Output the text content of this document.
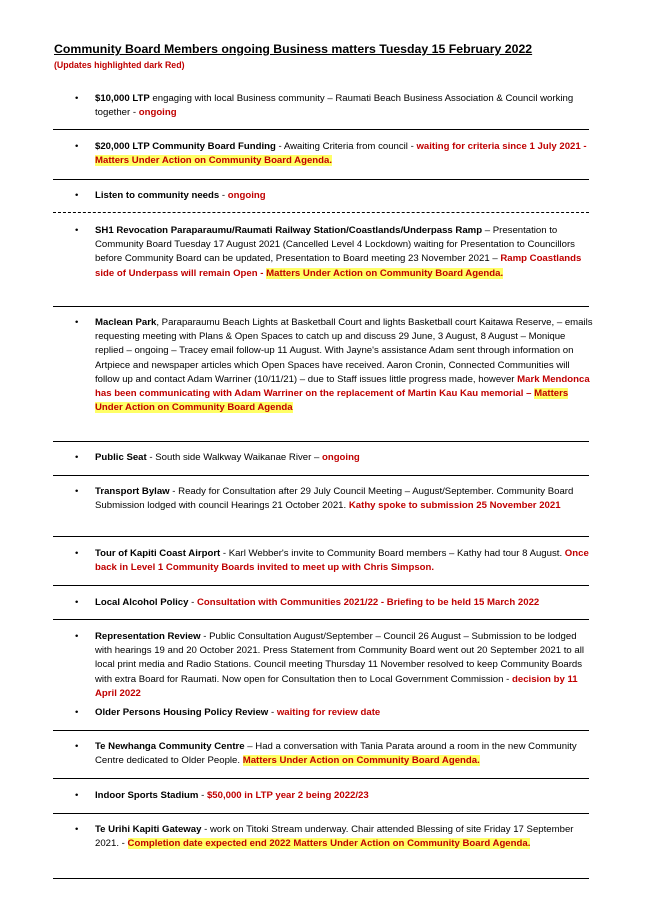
Community Board Members ongoing Business matters Tuesday 15 February 2022
(Updates highlighted dark Red)
• $10,000 LTP engaging with local Business community – Raumati Beach Business Association & Council working together - ongoing
• $20,000 LTP Community Board Funding - Awaiting Criteria from council - waiting for criteria since 1 July 2021 - Matters Under Action on Community Board Agenda.
• Listen to community needs - ongoing
• SH1 Revocation Paraparaumu/Raumati Railway Station/Coastlands/Underpass Ramp – Presentation to Community Board Tuesday 17 August 2021 (Cancelled Level 4 Lockdown) waiting for Presentation to Councillors before Community Board can be updated, Presentation to Board meeting 23 November 2021 – Ramp Coastlands side of Underpass will remain Open - Matters Under Action on Community Board Agenda.
• Maclean Park, Paraparaumu Beach Lights at Basketball Court and lights Basketball court Kaitawa Reserve, – emails requesting meeting with Plans & Open Spaces to catch up and discuss 29 June, 3 August, 8 August – Monique replied – ongoing – Tracey email follow-up 11 August. With Jayne's assistance Adam sent through information on Artpiece and newspaper articles which Open Spaces have received. Aaron Cronin, Connected Communities will follow up and contact Adam Warriner (10/11/21) – due to Staff issues little progress made, however Mark Mendonca has been communicating with Adam Warriner on the replacement of Martin Kau Kau memorial – Matters Under Action on Community Board Agenda
• Public Seat - South side Walkway Waikanae River – ongoing
• Transport Bylaw - Ready for Consultation after 29 July Council Meeting – August/September. Community Board Submission lodged with council Hearings 21 October 2021. Kathy spoke to submission 25 November 2021
• Tour of Kapiti Coast Airport - Karl Webber's invite to Community Board members – Kathy had tour 8 August. Once back in Level 1 Community Boards invited to meet up with Chris Simpson.
• Local Alcohol Policy - Consultation with Communities 2021/22 - Briefing to be held 15 March 2022
• Representation Review - Public Consultation August/September – Council 26 August – Submission to be lodged with hearings 19 and 20 October 2021. Press Statement from Community Board went out 20 September 2021 to all local print media and Radio Stations. Council meeting Thursday 11 November resolved to keep Community Boards with extra Board for Raumati. Now open for Consultation then to Local Government Commission - decision by 11 April 2022
• Older Persons Housing Policy Review - waiting for review date
• Te Newhanga Community Centre – Had a conversation with Tania Parata around a room in the new Community Centre dedicated to Older People. Matters Under Action on Community Board Agenda.
• Indoor Sports Stadium - $50,000 in LTP year 2 being 2022/23
• Te Urihi Kapiti Gateway - work on Titoki Stream underway. Chair attended Blessing of site Friday 17 September 2021. - Completion date expected end 2022 Matters Under Action on Community Board Agenda.
